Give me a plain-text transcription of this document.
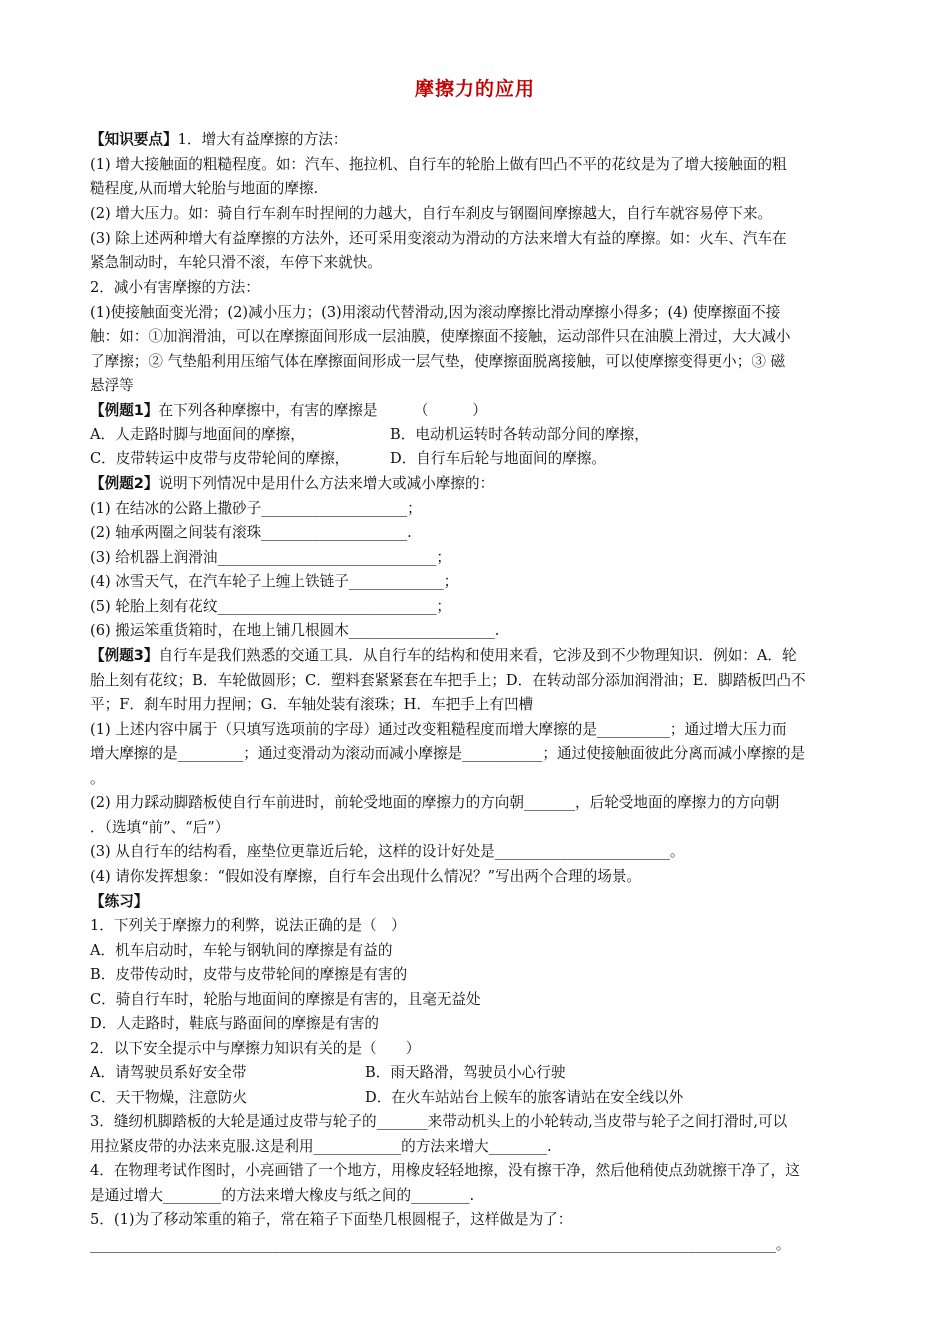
摩擦力的应用
【知识要点】1．增大有益摩擦的方法：
(1) 增大接触面的粗糙程度。如：汽车、拖拉机、自行车的轮胎上做有凹凸不平的花纹是为了增大接触面的粗
糙程度,从而增大轮胎与地面的摩擦.
(2) 增大压力。如：骑自行车刹车时捏闸的力越大，自行车刹皮与钢圈间摩擦越大，自行车就容易停下来。
(3) 除上述两种增大有益摩擦的方法外，还可采用变滚动为滑动的方法来增大有益的摩擦。如：火车、汽车在
紧急制动时，车轮只滑不滚，车停下来就快。
2．减小有害摩擦的方法：
(1)使接触面变光滑；(2)减小压力；(3)用滚动代替滑动,因为滚动摩擦比滑动摩擦小得多；(4) 使摩擦面不接
触：如：①加润滑油，可以在摩擦面间形成一层油膜，使摩擦面不接触，运动部件只在油膜上滑过，大大减小
了摩擦；② 气垫船利用压缩气体在摩擦面间形成一层气垫，使摩擦面脱离接触，可以使摩擦变得更小；③ 磁
悬浮等
【例题1】在下列各种摩擦中，有害的摩擦是　　　（　　　）
A．人走路时脚与地面间的摩擦，	B．电动机运转时各转动部分间的摩擦，
C．皮带转运中皮带与皮带轮间的摩擦，	D．自行车后轮与地面间的摩擦。
【例题2】说明下列情况中是用什么方法来增大或减小摩擦的：
(1) 在结冰的公路上撒砂子____________________；
(2) 轴承两圈之间装有滚珠____________________.
(3) 给机器上润滑油______________________________；
(4) 冰雪天气，在汽车轮子上缠上铁链子_____________；
(5) 轮胎上刻有花纹______________________________；
(6) 搬运笨重货箱时，在地上铺几根圆木____________________.
【例题3】自行车是我们熟悉的交通工具．从自行车的结构和使用来看，它涉及到不少物理知识．例如：A．轮
胎上刻有花纹；B．车轮做圆形；C．塑料套紧紧套在车把手上；D．在转动部分添加润滑油；E．脚踏板凹凸不
平；F．刹车时用力捏闸；G．车轴处装有滚珠；H．车把手上有凹槽
(1) 上述内容中属于（只填写选项前的字母）通过改变粗糙程度而增大摩擦的是__________；通过增大压力而
增大摩擦的是_________；通过变滑动为滚动而减小摩擦是___________；通过使接触面彼此分离而减小摩擦的是
。
(2) 用力踩动脚踏板使自行车前进时，前轮受地面的摩擦力的方向朝_______，后轮受地面的摩擦力的方向朝
．（选填“前”、“后”）
(3) 从自行车的结构看，座垫位更靠近后轮，这样的设计好处是________________________。
(4) 请你发挥想象：“假如没有摩擦，自行车会出现什么情况？”写出两个合理的场景。
【练习】
1．下列关于摩擦力的利弊，说法正确的是（　）
A．机车启动时，车轮与钢轨间的摩擦是有益的
B．皮带传动时，皮带与皮带轮间的摩擦是有害的
C．骑自行车时，轮胎与地面间的摩擦是有害的，且毫无益处
D．人走路时，鞋底与路面间的摩擦是有害的
2．以下安全提示中与摩擦力知识有关的是（　　）
A．请驾驶员系好安全带	B．雨天路滑，驾驶员小心行驶
C．天干物燥，注意防火	D．在火车站站台上候车的旅客请站在安全线以外
3．缝纫机脚踏板的大轮是通过皮带与轮子的_______来带动机头上的小轮转动,当皮带与轮子之间打滑时,可以
用拉紧皮带的办法来克服.这是利用____________的方法来增大________.
4．在物理考试作图时，小亮画错了一个地方，用橡皮轻轻地擦，没有擦干净，然后他稍使点劲就擦干净了，这
是通过增大________的方法来增大橡皮与纸之间的________.
5．(1)为了移动笨重的箱子，常在箱子下面垫几根圆棍子，这样做是为了：
______________________________________________________________________________________________。
